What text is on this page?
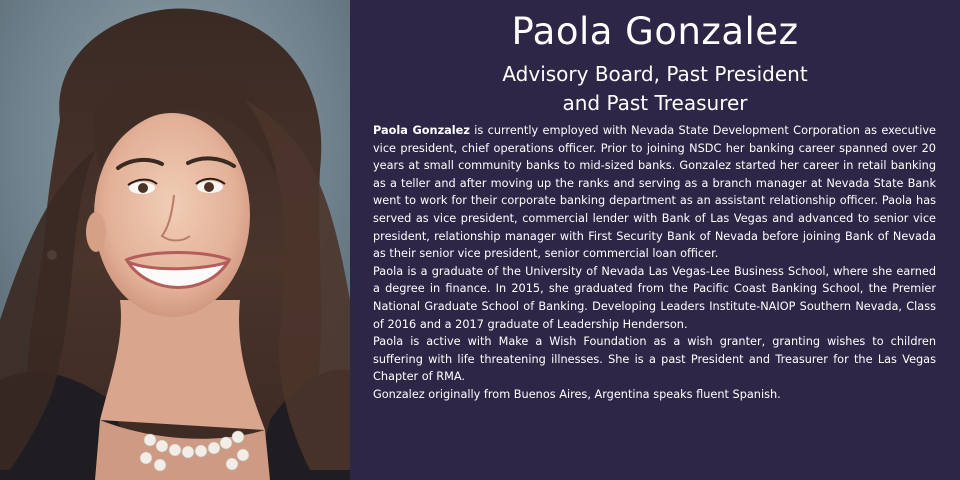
Paola Gonzalez
Advisory Board, Past President
and Past Treasurer

Paola Gonzalez is currently employed with Nevada State Development Corporation as executive vice president, chief operations officer. Prior to joining NSDC her banking career spanned over 20 years at small community banks to mid-sized banks. Gonzalez started her career in retail banking as a teller and after moving up the ranks and serving as a branch manager at Nevada State Bank went to work for their corporate banking department as an assistant relationship officer. Paola has served as vice president, commercial lender with Bank of Las Vegas and advanced to senior vice president, relationship manager with First Security Bank of Nevada before joining Bank of Nevada as their senior vice president, senior commercial loan officer.

Paola is a graduate of the University of Nevada Las Vegas-Lee Business School, where she earned a degree in finance. In 2015, she graduated from the Pacific Coast Banking School, the Premier National Graduate School of Banking. Developing Leaders Institute-NAIOP Southern Nevada, Class of 2016 and a 2017 graduate of Leadership Henderson.

Paola is active with Make a Wish Foundation as a wish granter, granting wishes to children suffering with life threatening illnesses. She is a past President and Treasurer for the Las Vegas Chapter of RMA.

Gonzalez originally from Buenos Aires, Argentina speaks fluent Spanish.
